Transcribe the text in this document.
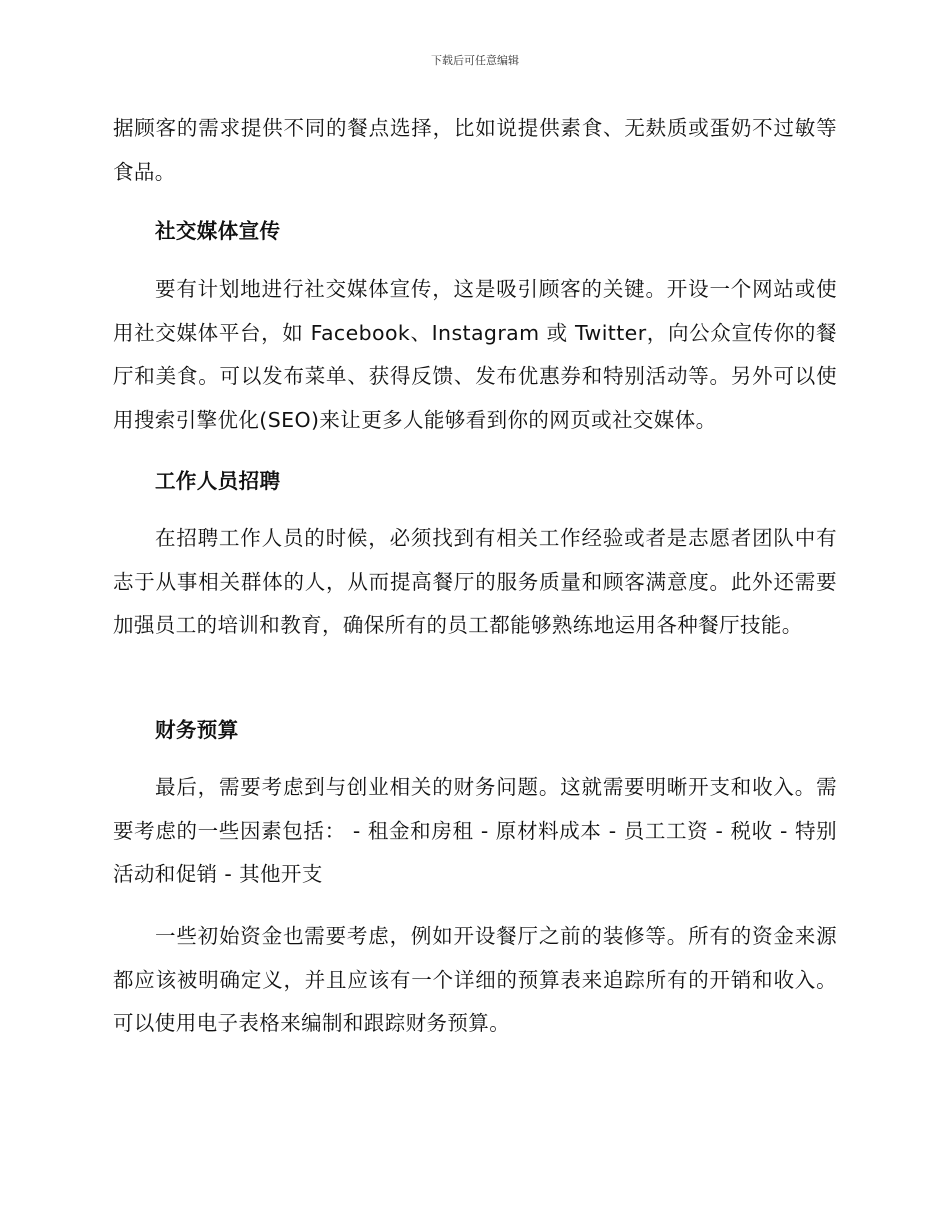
下载后可任意编辑

据顾客的需求提供不同的餐点选择，比如说提供素食、无麸质或蛋奶不过敏等食品。

社交媒体宣传

要有计划地进行社交媒体宣传，这是吸引顾客的关键。开设一个网站或使用社交媒体平台，如 Facebook、Instagram 或 Twitter，向公众宣传你的餐厅和美食。可以发布菜单、获得反馈、发布优惠券和特别活动等。另外可以使用搜索引擎优化(SEO)来让更多人能够看到你的网页或社交媒体。

工作人员招聘

在招聘工作人员的时候，必须找到有相关工作经验或者是志愿者团队中有志于从事相关群体的人，从而提高餐厅的服务质量和顾客满意度。此外还需要加强员工的培训和教育，确保所有的员工都能够熟练地运用各种餐厅技能。

财务预算

最后，需要考虑到与创业相关的财务问题。这就需要明晰开支和收入。需要考虑的一些因素包括： - 租金和房租 - 原材料成本 - 员工工资 - 税收 - 特别活动和促销 - 其他开支

一些初始资金也需要考虑，例如开设餐厅之前的装修等。所有的资金来源都应该被明确定义，并且应该有一个详细的预算表来追踪所有的开销和收入。可以使用电子表格来编制和跟踪财务预算。
